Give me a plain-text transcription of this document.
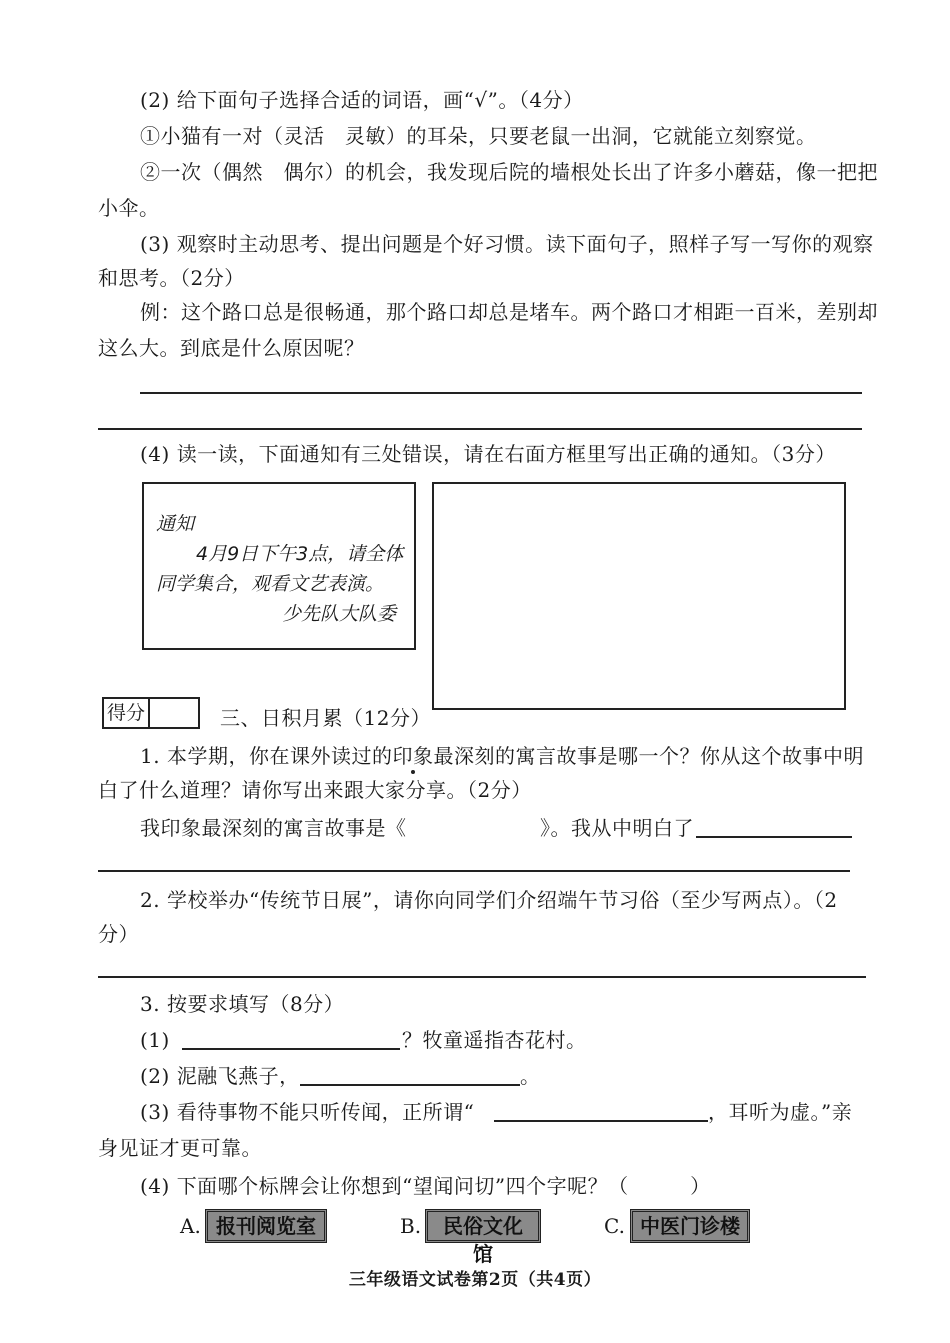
(2) 给下面句子选择合适的词语，画“√”。（4分）
①小猫有一对（灵活　灵敏）的耳朵，只要老鼠一出洞，它就能立刻察觉。
②一次（偶然　偶尔）的机会，我发现后院的墙根处长出了许多小蘑菇，像一把把
小伞。
(3) 观察时主动思考、提出问题是个好习惯。读下面句子，照样子写一写你的观察
和思考。（2分）
例：这个路口总是很畅通，那个路口却总是堵车。两个路口才相距一百米，差别却
这么大。到底是什么原因呢？
(4) 读一读，下面通知有三处错误，请在右面方框里写出正确的通知。（3分）
通知
4月9日下午3点，请全体
同学集合，观看文艺表演。
少先队大队委
得分	三、日积月累（12分）
1. 本学期，你在课外读过的印象最深刻的寓言故事是哪一个？你从这个故事中明
白了什么道理？请你写出来跟大家分享。（2分）
我印象最深刻的寓言故事是《	》。我从中明白了
2. 学校举办“传统节日展”，请你向同学们介绍端午节习俗（至少写两点）。（2
分）
3. 按要求填写（8分）
(1)	？牧童遥指杏花村。
(2) 泥融飞燕子，	。
(3) 看待事物不能只听传闻，正所谓“	，耳听为虚。”亲
身见证才更可靠。
(4) 下面哪个标牌会让你想到“望闻问切”四个字呢？（　　　）
A. 报刊阅览室	B.	民俗文化馆
C. 中医门诊楼
三年级语文试卷第2页（共4页）
